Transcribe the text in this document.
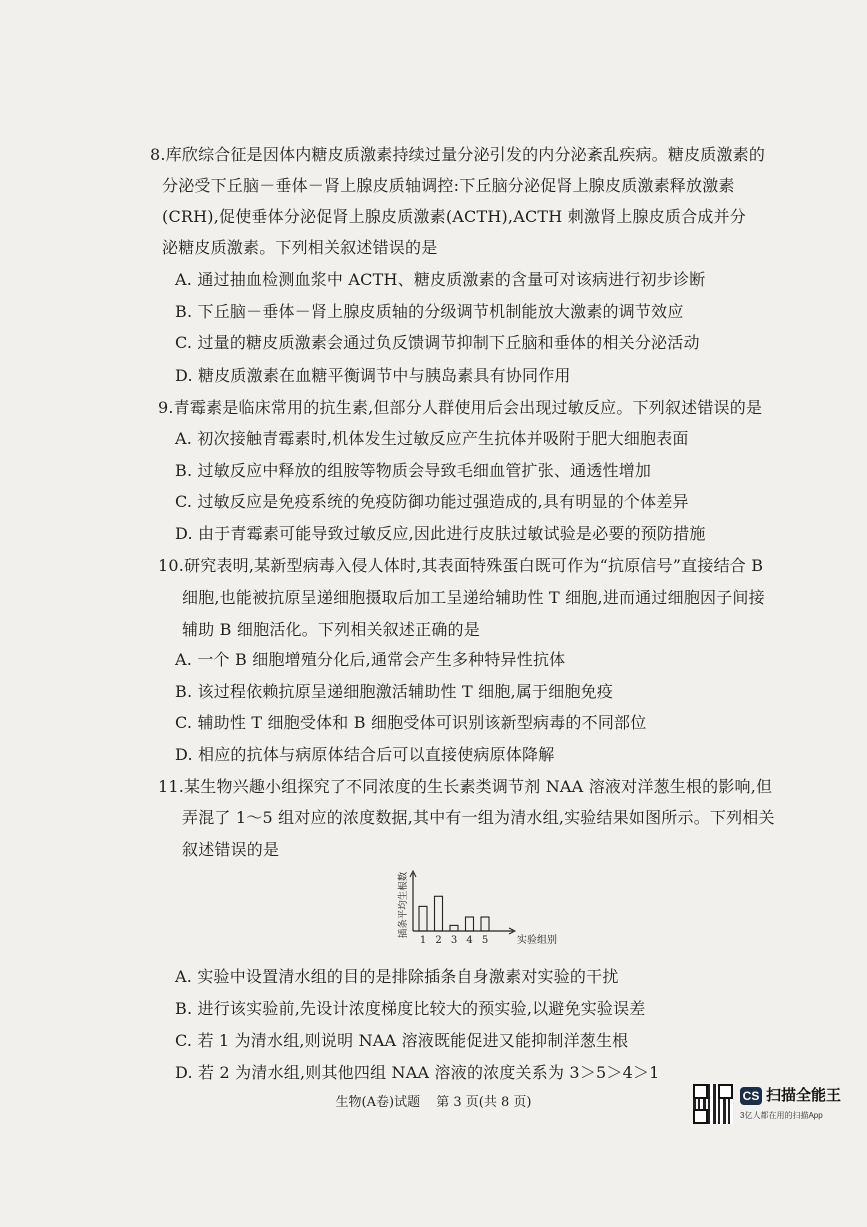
8.库欣综合征是因体内糖皮质激素持续过量分泌引发的内分泌紊乱疾病。糖皮质激素的
分泌受下丘脑－垂体－肾上腺皮质轴调控:下丘脑分泌促肾上腺皮质激素释放激素
(CRH),促使垂体分泌促肾上腺皮质激素(ACTH),ACTH 刺激肾上腺皮质合成并分
泌糖皮质激素。下列相关叙述错误的是
A. 通过抽血检测血浆中 ACTH、糖皮质激素的含量可对该病进行初步诊断
B. 下丘脑－垂体－肾上腺皮质轴的分级调节机制能放大激素的调节效应
C. 过量的糖皮质激素会通过负反馈调节抑制下丘脑和垂体的相关分泌活动
D. 糖皮质激素在血糖平衡调节中与胰岛素具有协同作用
9.青霉素是临床常用的抗生素,但部分人群使用后会出现过敏反应。下列叙述错误的是
A. 初次接触青霉素时,机体发生过敏反应产生抗体并吸附于肥大细胞表面
B. 过敏反应中释放的组胺等物质会导致毛细血管扩张、通透性增加
C. 过敏反应是免疫系统的免疫防御功能过强造成的,具有明显的个体差异
D. 由于青霉素可能导致过敏反应,因此进行皮肤过敏试验是必要的预防措施
10.研究表明,某新型病毒入侵人体时,其表面特殊蛋白既可作为“抗原信号”直接结合 B
细胞,也能被抗原呈递细胞摄取后加工呈递给辅助性 T 细胞,进而通过细胞因子间接
辅助 B 细胞活化。下列相关叙述正确的是
A. 一个 B 细胞增殖分化后,通常会产生多种特异性抗体
B. 该过程依赖抗原呈递细胞激活辅助性 T 细胞,属于细胞免疫
C. 辅助性 T 细胞受体和 B 细胞受体可识别该新型病毒的不同部位
D. 相应的抗体与病原体结合后可以直接使病原体降解
11.某生物兴趣小组探究了不同浓度的生长素类调节剂 NAA 溶液对洋葱生根的影响,但
弄混了 1～5 组对应的浓度数据,其中有一组为清水组,实验结果如图所示。下列相关
叙述错误的是
1 2 3 4 5	实验组别
插条平均生根数
A. 实验中设置清水组的目的是排除插条自身激素对实验的干扰
B. 进行该实验前,先设计浓度梯度比较大的预实验,以避免实验误差
C. 若 1 为清水组,则说明 NAA 溶液既能促进又能抑制洋葱生根
D. 若 2 为清水组,则其他四组 NAA 溶液的浓度关系为 3＞5＞4＞1
生物(A卷)试题 第 3 页(共 8 页)	CS 扫描全能王
3亿人都在用的扫描App
